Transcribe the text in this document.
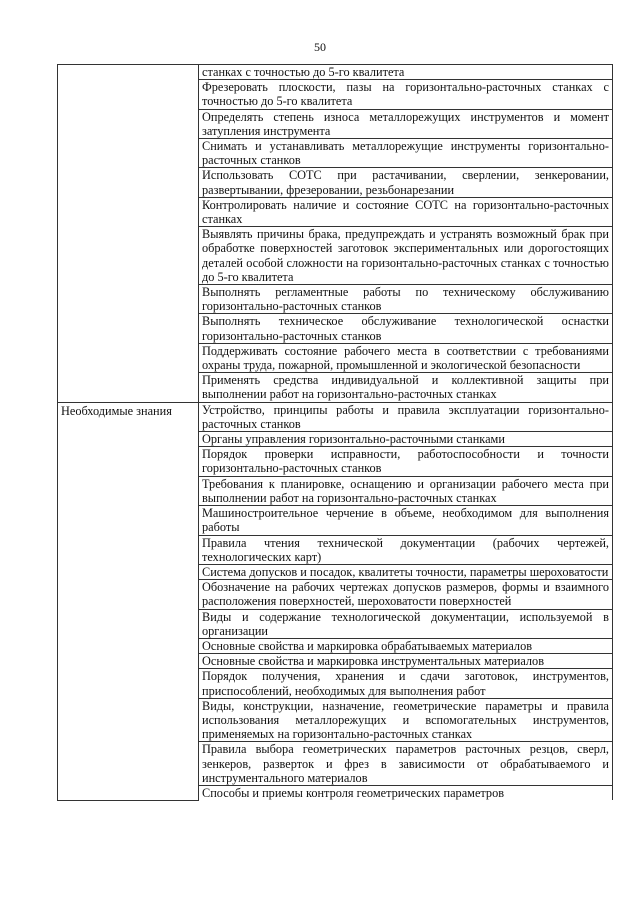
50
	станках с точностью до 5-го квалитета
	Фрезеровать плоскости, пазы на горизонтально-расточных станках с точностью до 5-го квалитета
	Определять степень износа металлорежущих инструментов и момент затупления инструмента
	Снимать и устанавливать металлорежущие инструменты горизонтально-расточных станков
	Использовать СОТС при растачивании, сверлении, зенкеровании, развертывании, фрезеровании, резьбонарезании
	Контролировать наличие и состояние СОТС на горизонтально-расточных станках
	Выявлять причины брака, предупреждать и устранять возможный брак при обработке поверхностей заготовок экспериментальных или дорогостоящих деталей особой сложности на горизонтально-расточных станках с точностью до 5-го квалитета
	Выполнять регламентные работы по техническому обслуживанию горизонтально-расточных станков
	Выполнять техническое обслуживание технологической оснастки горизонтально-расточных станков
	Поддерживать состояние рабочего места в соответствии с требованиями охраны труда, пожарной, промышленной и экологической безопасности
	Применять средства индивидуальной и коллективной защиты при выполнении работ на горизонтально-расточных станках
Необходимые знания	Устройство, принципы работы и правила эксплуатации горизонтально-расточных станков
	Органы управления горизонтально-расточными станками
	Порядок проверки исправности, работоспособности и точности горизонтально-расточных станков
	Требования к планировке, оснащению и организации рабочего места при выполнении работ на горизонтально-расточных станках
	Машиностроительное черчение в объеме, необходимом для выполнения работы
	Правила чтения технической документации (рабочих чертежей, технологических карт)
	Система допусков и посадок, квалитеты точности, параметры шероховатости
	Обозначение на рабочих чертежах допусков размеров, формы и взаимного расположения поверхностей, шероховатости поверхностей
	Виды и содержание технологической документации, используемой в организации
	Основные свойства и маркировка обрабатываемых материалов
	Основные свойства и маркировка инструментальных материалов
	Порядок получения, хранения и сдачи заготовок, инструментов, приспособлений, необходимых для выполнения работ
	Виды, конструкции, назначение, геометрические параметры и правила использования металлорежущих и вспомогательных инструментов, применяемых на горизонтально-расточных станках
	Правила выбора геометрических параметров расточных резцов, сверл, зенкеров, разверток и фрез в зависимости от обрабатываемого и инструментального материалов
	Способы и приемы контроля геометрических параметров
